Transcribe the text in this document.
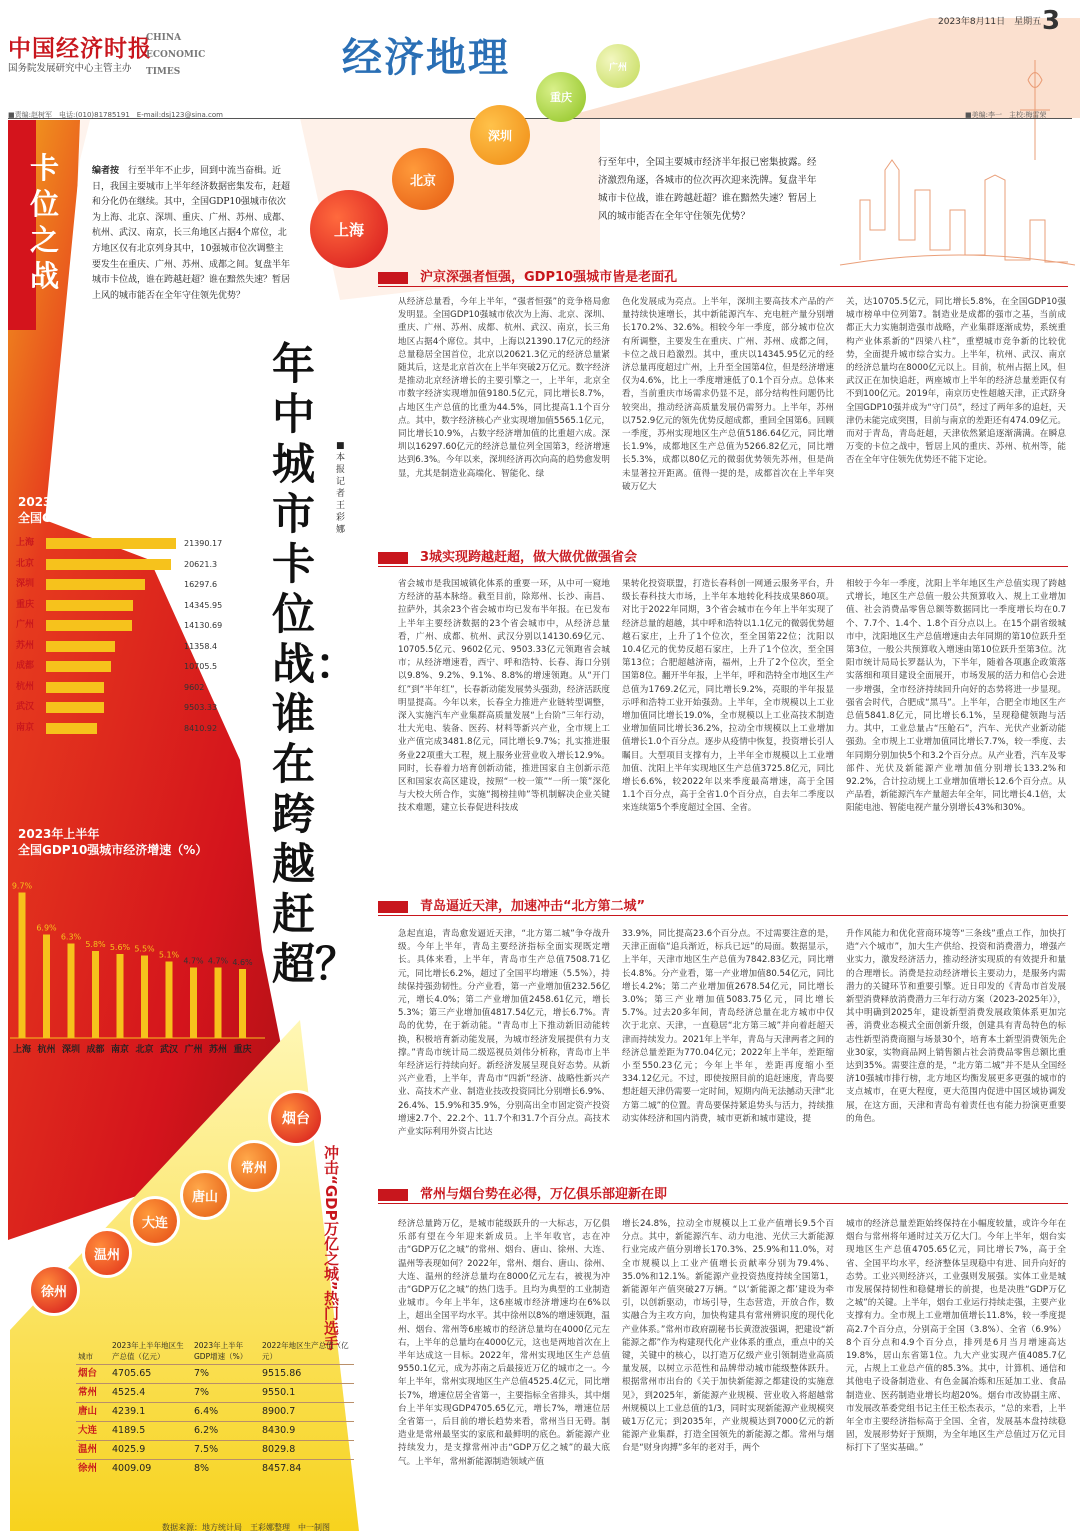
中国经济时报
CHINA ECONOMIC TIMES
国务院发展研究中心主管主办	经济地理
2023年8月11日　星期五 3
■责编:赵树军　电话:(010)81785191　E-mail:dsj123@sina.com	■美编:李一　主校:梅雷荣
上海
北京
深圳
重庆
广州
卡位之战
编者按　行至半年不止步，回到中流当奋楫。近日，我国主要城市上半年经济数据密集发布，赶超和分化仍在继续。其中，全国GDP10强城市依次为上海、北京、深圳、重庆、广州、苏州、成都、杭州、武汉、南京，长三角地区占据4个席位，北方地区仅有北京列身其中，10强城市位次调整主要发生在重庆、广州、苏州、成都之间。复盘半年城市卡位战，谁在跨越赶超？谁在黯然失速？暂居上风的城市能否在全年守住领先优势？
年中城市卡位战：谁在跨越赶超？
■本报记者　王彩娜
行至年中，全国主要城市经济半年报已密集披露。经济激烈角逐，各城市的位次再次迎来洗牌。复盘半年城市卡位战，谁在跨越赶超？谁在黯然失速？暂居上风的城市能否在全年守住领先优势？
2023年上半年
全国GDP10强城市（亿元）
上海	21390.17
北京	20621.3
深圳	16297.6
重庆	14345.95
广州	14130.69
苏州	11358.4
成都	10705.5
杭州	9602
武汉	9503.33
南京	8410.92
2023年上半年
全国GDP10强城市经济增速（%）
9.7%
上海
6.9%
杭州
6.3%
深圳
5.8%
成都
5.6%
南京
5.5%
北京
5.1%
武汉
4.7%
广州
4.7%
苏州
4.6%
重庆
冲击“GDP万亿之城”热门选手
徐州
温州
大连
唐山
常州
烟台
城市	2023年上半年地区生产总值（亿元）	2023年上半年GDP增速（%）	2022年地区生产总值（亿元）
烟台	4705.65	7%	9515.86
常州	4525.4	7%	9550.1
唐山	4239.1	6.4%	8900.7
大连	4189.5	6.2%	8430.9
温州	4025.9	7.5%	8029.8
徐州	4009.09	8%	8457.84
数据来源：地方统计局　王彩娜整理　中一制图
沪京深强者恒强，GDP10强城市皆是老面孔
从经济总量看，今年上半年，“强者恒强”的竞争格局愈发明显。全国GDP10强城市依次为上海、北京、深圳、重庆、广州、苏州、成都、杭州、武汉、南京，长三角地区占据4个席位。其中，上海以21390.17亿元的经济总量稳居全国首位，北京以20621.3亿元的经济总量紧随其后，这是北京首次在上半年突破2万亿元。数字经济是推动北京经济增长的主要引擎之一，上半年，北京全市数字经济实现增加值9180.5亿元，同比增长8.7%，占地区生产总值的比重为44.5%，同比提高1.1个百分点。其中，数字经济核心产业实现增加值5565.1亿元，同比增长10.9%，占数字经济增加值的比重超六成。深圳以16297.60亿元的经济总量位列全国第3，经济增速达到6.3%。今年以来，深圳经济再次向高的趋势愈发明显，尤其是制造业高端化、智能化、绿
色化发展成为亮点。上半年，深圳主要高技术产品的产量持续快速增长，其中新能源汽车、充电桩产量分别增长170.2%、32.6%。相较今年一季度，部分城市位次有所调整，主要发生在重庆、广州、苏州、成都之间，卡位之战日趋激烈。其中，重庆以14345.95亿元的经济总量再度超过广州，上升至全国第4位，但是经济增速仅为4.6%，比上一季度增速低了0.1个百分点。总体来看，当前重庆市场需求仍显不足，部分结构性问题仍比较突出，推动经济高质量发展仍需努力。上半年，苏州以752.9亿元的领先优势反超成都，重回全国第6。回顾一季度，苏州实现地区生产总值5186.64亿元，同比增长1.9%，成都地区生产总值为5266.82亿元，同比增长5.3%，成都以80亿元的微弱优势领先苏州，但是尚未显著拉开距离。值得一提的是，成都首次在上半年突破万亿大
关，达10705.5亿元，同比增长5.8%，在全国GDP10强城市榜单中位列第7。制造业是成都的强市之基，当前成都正大力实施制造强市战略，产业集群逐渐成势，系统重构产业体系新的“四梁八柱”，重塑城市竞争新的比较优势，全面提升城市综合实力。上半年，杭州、武汉、南京的经济总量均在8000亿元以上。目前，杭州占据上风，但武汉正在加快追赶，两座城市上半年的经济总量差距仅有不到100亿元。2019年，南京历史性超越天津，正式跻身全国GDP10强并成为“守门员”，经过了两年多的追赶，天津仍未能完成突围，目前与南京的差距还有474.09亿元。而对于青岛，青岛赶超，天津依然紧追逐渐满满。在瞬息万变的卡位之战中，暂居上风的重庆、苏州、杭州等，能否在全年守住领先优势还不能下定论。
3城实现跨越赶超，做大做优做强省会
省会城市是我国城镇化体系的重要一环，从中可一窥地方经济的基本脉络。截至目前，除郑州、长沙、南昌、拉萨外，其余23个省会城市均已发布半年报。在已发布上半年主要经济数据的23个省会城市中，从经济总量看，广州、成都、杭州、武汉分别以14130.69亿元、10705.5亿元、9602亿元、9503.33亿元领跑省会城市；从经济增速看，西宁、呼和浩特、长春、海口分别以9.8%、9.2%、9.1%、8.8%的增速领跑。从“开门红”到“半年红”，长春新动能发展势头强劲，经济活跃度明显提高。今年以来，长春全力推进产业链转型调整，深入实施汽车产业集群高质量发展“上台阶”三年行动，壮大光电、装备、医药、材料等新兴产业，全市规上工业产值完成3481.8亿元，同比增长9.7%；扎实推进服务业22项重大工程，规上服务业营业收入增长12.9%。同时，长春着力培育创新动能，推进国家自主创新示范区和国家农高区建设，按照“一校一策”“一所一策”深化与大校大所合作，实施“揭榜挂帅”等机制解决企业关键技术难题，建立长春促进科技成
果转化投资联盟，打造长春科创一网通云服务平台，升级长春科技大市场，上半年本地转化科技成果860项。对比于2022年同期，3个省会城市在今年上半年实现了经济总量的超越，其中呼和浩特以1.1亿元的微弱优势超越石家庄，上升了1个位次，至全国第22位；沈阳以10.4亿元的优势反超石家庄，上升了1个位次，至全国第13位；合肥超越济南，福州，上升了2个位次，至全国第8位。翻开半年报，上半年，呼和浩特全市地区生产总值为1769.2亿元，同比增长9.2%，亮眼的半年报显示呼和浩特工业开始强劲。上半年，全市规模以上工业增加值同比增长19.0%，全市规模以上工业高技术制造业增加值同比增长36.2%，拉动全市规模以上工业增加值增长1.0个百分点。逐步从疫情中恢复，投资增长引人瞩目。大型项目支撑有力，上半年全市规模以上工业增加值、沈阳上半年实现地区生产总值3725.8亿元，同比增长6.6%，较2022年以来季度最高增速，高于全国1.1个百分点，高于全省1.0个百分点，自去年二季度以来连续第5个季度超过全国、全省。
相较于今年一季度，沈阳上半年地区生产总值实现了跨越式增长，地区生产总值一般公共预算收入、规上工业增加值、社会消费品零售总额等数据同比一季度增长均在0.7个、7.7个、1.4个、1.8个百分点以上。在15个副省级城市中，沈阳地区生产总值增速由去年同期的第10位跃升至第3位，一般公共预算收入增速由第10位跃升至第3位。沈阳市统计局局长罗磊认为，下半年，随着各项惠企政策落实落细和项目建设全面展开，市场发展的活力和信心会进一步增强，全市经济持续回升向好的态势将进一步显现。强省会时代，合肥成“黑马”。上半年，合肥全市地区生产总值5841.8亿元，同比增长6.1%，呈现稳健领跑与活力。其中，工业总量占“压舱石”，汽车、光伏产业新动能强劲。全市规上工业增加值同比增长7.7%，较一季度、去年同期分别加快5个和3.2个百分点。从产业看，汽车及零部件、光伏及新能源产业增加值分别增长133.2%和92.2%，合计拉动规上工业增加值增长12.6个百分点。从产品看，新能源汽车产量超去年全年，同比增长4.1倍，太阳能电池、智能电视产量分别增长43%和30%。
青岛逼近天津，加速冲击“北方第二城”
急起直追，青岛愈发逼近天津，“北方第二城”争夺战升级。今年上半年，青岛主要经济指标全面实现既定增长。具体来看，上半年，青岛市生产总值7508.71亿元，同比增长6.2%，超过了全国平均增速（5.5%），持续保持强劲韧性。分产业看，第一产业增加值232.56亿元，增长4.0%；第二产业增加值2458.61亿元，增长5.3%；第三产业增加值4817.54亿元，增长6.7%。青岛的优势，在于新动能。“青岛市上下推动新旧动能转换，积极培育新动能发展，为城市经济发展提供有力支撑。”青岛市统计局二级巡视员刘伟分析称，青岛市上半年经济运行持续向好。新经济发展呈现良好态势。从新兴产业看，上半年，青岛市“四新”经济、战略性新兴产业、高技术产业、制造业技改投资同比分别增长6.9%、26.4%、15.9%和35.9%，分别高出全市固定资产投资增速2.7个、22.2个、11.7个和31.7个百分点。高技术产业实际利用外资占比达
33.9%，同比提高23.6个百分点。不过需要注意的是，天津正面临“追兵渐近，标兵已远”的局面。数据显示，上半年，天津市地区生产总值为7842.83亿元，同比增长4.8%。分产业看，第一产业增加值80.54亿元，同比增长4.2%；第二产业增加值2678.54亿元，同比增长3.0%；第三产业增加值5083.75亿元，同比增长5.7%。过去20多年间，青岛经济总量在北方城市中仅次于北京、天津，一直稳居“北方第三城”并向着赶超天津而持续发力。2021年上半年，青岛与天津两者之间的经济总量差距为770.04亿元；2022年上半年，差距缩小至550.23亿元；今年上半年，差距再度缩小至334.12亿元。不过，即使按照目前的追赶速度，青岛要想赶超天津仍需要一定时间，短期内尚无法撼动天津“北方第二城”的位置。青岛要保持紧追势头与活力，持续推动实体经济和国内消费，城市更新和城市建设，提
升作风能力和优化营商环境等“三条线”重点工作，加快打造“六个城市”，加大生产供给、投资和消费潜力，增强产业实力，激发经济活力，推动经济实现质的有效提升和量的合理增长。消费是拉动经济增长主要动力，是服务内需潜力的关键环节和重要引擎。近日印发的《青岛市首发展新型消费释放消费潜力三年行动方案（2023-2025年）》，其中明确到2025年，建设新型消费发展政策体系更加完善，消费业态模式全面创新升级，创建具有青岛特色的标志性新型消费商圈与场景30个，培育本土新型消费领先企业30家，实物商品网上销售额占社会消费品零售总额比重达到35%。需要注意的是，“北方第二城”并不是从全国经济10强城市排行榜，北方地区均衡发展更多更强的城市的支点城市，在更大程度，更大范围内促进中国区域协调发展，在这方面，天津和青岛有着责任也有能力扮演更重要的角色。
常州与烟台势在必得，万亿俱乐部迎新在即
经济总量跨万亿，是城市能级跃升的一大标志，万亿俱乐部有望在今年迎来新成员。上半年收官，志在冲击“GDP万亿之城”的常州、烟台、唐山、徐州、大连、温州等表现如何？2022年，常州、烟台、唐山、徐州、大连、温州的经济总量均在8000亿元左右，被视为冲击“GDP万亿之城”的热门选手。且均为典型的工业制造业城市。今年上半年，这6座城市经济增速均在6%以上，超出全国平均水平。其中徐州以8%的增速领跑，温州、烟台、常州等6座城市的经济总量均在4000亿元左右，上半年的总量均在4000亿元，这也是两地首次在上半年达成这一目标。2022年，常州实现地区生产总值9550.1亿元，成为苏南之后最接近万亿的城市之一。今年上半年，常州实现地区生产总值4525.4亿元，同比增长7%，增速位居全省第一，主要指标全省排头，其中烟台上半年实现GDP4705.65亿元，增长7%，增速位居全省第一，后目前的增长趋势来看，常州当日无碍。制造业是常州最坚实的家底和最鲜明的底色。新能源产业持续发力，是支撑常州冲击“GDP万亿之城”的最大底气。上半年，常州新能源制造领域产值
增长24.8%，拉动全市规模以上工业产值增长9.5个百分点。其中，新能源汽车、动力电池、光伏三大新能源行业完成产值分别增长170.3%、25.9%和11.0%，对全市规模以上工业产值增长贡献率分别为79.4%、35.0%和12.1%。新能源产业投资热度持续全国第1，新能源年产值突破27万辆。“以‘新能源之都’建设为牵引，以创新驱动，市场引导，生态营造，开放合作，数实融合为主攻方向，加快构建具有常州辨识度的现代化产业体系。”常州市政府副秘书长黄澄波强调，把建设“新能源之都”作为构建现代化产业体系的重点，重点中的关键，关键中的核心，以打造万亿级产业引领制造业高质量发展，以树立示范性和品牌带动城市能级整体跃升。根据常州市出台的《关于加快新能源之都建设的实施意见》，到2025年，新能源产业规模、营业收入将超越常州规模以上工业总值的1/3，同时实现新能源产业规模突破1万亿元；到2035年，产业规模达到7000亿元的新能源产业集群，打造全国领先的新能源之都。常州与烟台是“财身肉搏”多年的老对手，两个
城市的经济总量差距始终保持在小幅度较量，或许今年在烟台与常州将年通时过关万亿大门。今年上半年，烟台实现地区生产总值4705.65亿元，同比增长7%，高于全省、全国平均水平，经济整体呈现稳中有进、回升向好的态势。工业兴则经济兴，工业强则发展强。实体工业是城市发展保持韧性和稳健增长的前提，也是决胜“GDP万亿之城”的关键。上半年，烟台工业运行持续走强，主要产业支撑有力。全市规上工业增加值增长11.8%，较一季度提高2.7个百分点，分别高于全国（3.8%）、全省（6.9%）8个百分点和4.9个百分点，排列是6月当月增速高达19.8%，居山东省第1位。九大产业实现产值4085.7亿元，占规上工业总产值的85.3%。其中，计算机、通信和其他电子设备制造业、有色金属冶炼和压延加工业、食品制造业、医药制造业增长均超20%。烟台市改协副主席、市发展改革委党组书记主任王松杰表示，“总的来看，上半年全市主要经济指标高于全国、全省，发展基本盘持续稳固，发展形势好于预期，为全年地区生产总值过万亿元目标打下了坚实基础。”
